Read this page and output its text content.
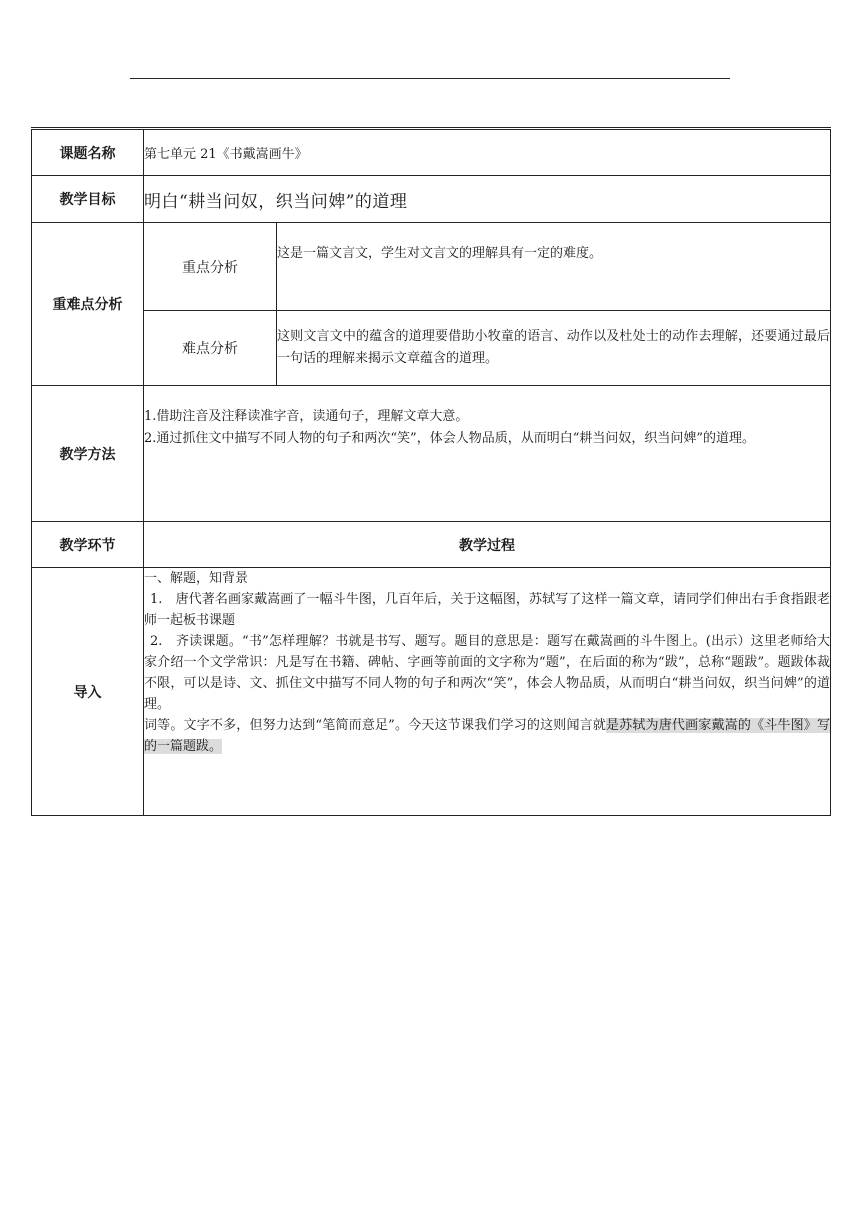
课题名称	第七单元 21《书戴嵩画牛》	
教学目标	明白“耕当问奴，织当问婢”的道理	
重难点分析	重点分析	这是一篇文言文，学生对文言文的理解具有一定的难度。
	难点分析	这则文言文中的蕴含的道理要借助小牧童的语言、动作以及杜处士的动作去理解，还要通过最后一句话的理解来揭示文章蕴含的道理。
教学方法	1.借助注音及注释读准字音，读通句子，理解文章大意。

2.通过抓住文中描写不同人物的句子和两次“笑”，体会人物品质，从而明白“耕当问奴，织当问婢”的道理。	

教学环节	教学过程	
导入	一、解题，知背景

1.　唐代著名画家戴嵩画了一幅斗牛图，几百年后，关于这幅图，苏轼写了这样一篇文章，请同学们伸出右手食指跟老师一起板书课题

2.　齐读课题。“书”怎样理解？书就是书写、题写。题目的意思是：题写在戴嵩画的斗牛图上。(出示）这里老师给大家介绍一个文学常识：凡是写在书籍、碑帖、字画等前面的文字称为“题”，在后面的称为“跋”，总称“题跋”。题跋体裁不限，可以是诗、文、抓住文中描写不同人物的句子和两次“笑”，体会人物品质，从而明白“耕当问奴，织当问婢”的道理。

词等。文字不多，但努力达到“笔简而意足”。今天这节课我们学习的这则闻言就是苏轼为唐代画家戴嵩的《斗牛图》写的一篇题跋。	
